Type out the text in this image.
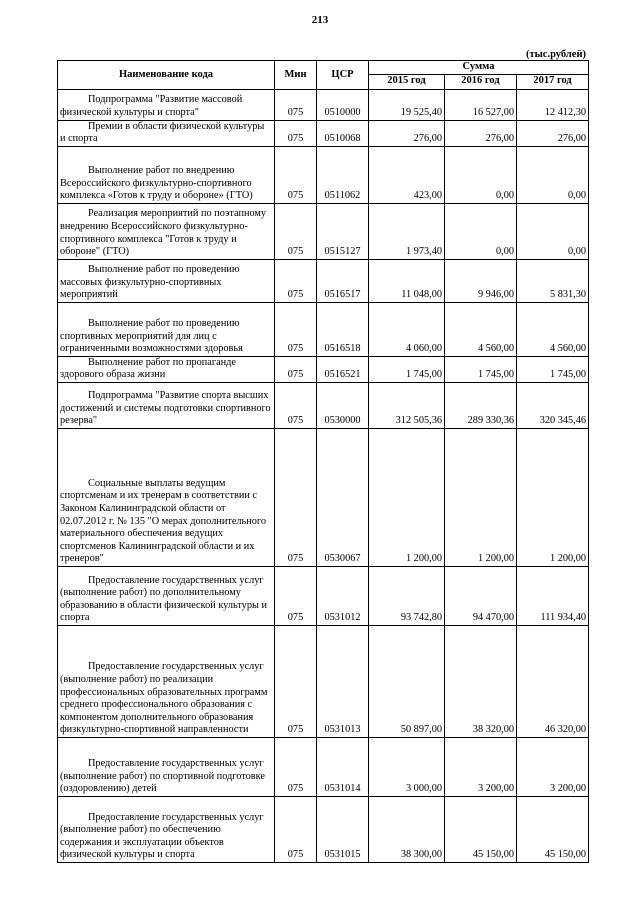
213
(тыс.рублей)
Наименование кода	Мин	ЦСР	Сумма		
			2015 год	2016 год	2017 год

Подпрограмма "Развитие массовой физической культуры и спорта"	075	0510000	19 525,40	16 527,00	12 412,30

Премии в области физической культуры и спорта	075	0510068	276,00	276,00	276,00

Выполнение работ по внедрению Всероссийского физкультурно-спортивного комплекса «Готов к труду и обороне» (ГТО)	075	0511062	423,00	0,00	0,00

Реализация мероприятий по поэтапному внедрению Всероссийского физкультурно-спортивного комплекса "Готов к труду и обороне" (ГТО)	075	0515127	1 973,40	0,00	0,00

Выполнение работ по проведению массовых физкультурно-спортивных мероприятий	075	0516517	11 048,00	9 946,00	5 831,30

Выполнение работ по проведению спортивных мероприятий для лиц с ограниченными возможностями здоровья	075	0516518	4 060,00	4 560,00	4 560,00

Выполнение работ по пропаганде здорового образа жизни	075	0516521	1 745,00	1 745,00	1 745,00

Подпрограмма "Развитие спорта высших достижений и системы подготовки спортивного резерва"	075	0530000	312 505,36	289 330,36	320 345,46

Социальные выплаты ведущим спортсменам и их тренерам в соответствии с Законом Калининградской области от 02.07.2012 г. № 135 "О мерах дополнительного материального обеспечения ведущих спортсменов Калининградской области и их тренеров"	075	0530067	1 200,00	1 200,00	1 200,00

Предоставление государственных услуг (выполнение работ) по дополнительному образованию в области физической культуры и спорта	075	0531012	93 742,80	94 470,00	111 934,40

Предоставление государственных услуг (выполнение работ) по реализации профессиональных образовательных программ среднего профессионального образования с компонентом дополнительного образования физкультурно-спортивной направленности	075	0531013	50 897,00	38 320,00	46 320,00

Предоставление государственных услуг (выполнение работ) по спортивной подготовке (оздоровлению) детей	075	0531014	3 000,00	3 200,00	3 200,00

Предоставление государственных услуг (выполнение работ) по обеспечению содержания и эксплуатации объектов физической культуры и спорта	075	0531015	38 300,00	45 150,00	45 150,00
